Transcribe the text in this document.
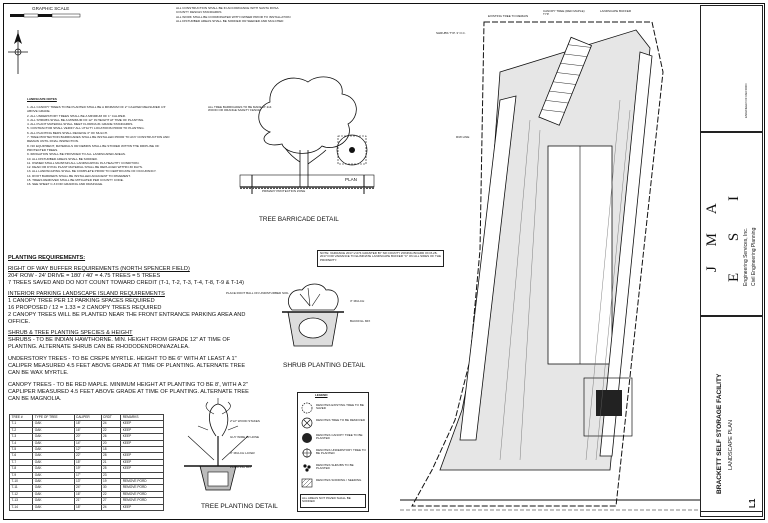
GRAPHIC SCALE
LANDSCAPE NOTES
1. ALL CANOPY TREES TO BE PLANTED SHALL BE A MINIMUM OF 2" CALIPER MEASURED 4.5' ABOVE GRADE.
2. ALL UNDERSTORY TREES SHALL BE A MINIMUM OF 1" CALIPER.
3. ALL SHRUBS SHALL BE A MINIMUM OF 12" IN HEIGHT AT TIME OF PLANTING.
4. ALL PLANT MATERIAL SHALL MEET FLORIDA #1 GRADE STANDARDS.
5. CONTRACTOR SHALL VERIFY ALL UTILITY LOCATIONS PRIOR TO PLANTING.
6. ALL PLANTING BEDS SHALL RECEIVE 3" OF MULCH.
7. TREE PROTECTION BARRICADES SHALL BE INSTALLED PRIOR TO ANY CONSTRUCTION AND REMAIN UNTIL FINAL INSPECTION.
8. NO EQUIPMENT, MATERIALS OR DEBRIS SHALL BE STORED WITHIN THE DRIPLINE OF PROTECTED TREES.
9. IRRIGATION SHALL BE PROVIDED TO ALL LANDSCAPED AREAS.
10. ALL DISTURBED AREAS SHALL BE SODDED.
11. OWNER SHALL MAINTAIN ALL LANDSCAPING IN A HEALTHY CONDITION.
12. DEAD OR DYING PLANT MATERIAL SHALL BE REPLACED WITHIN 30 DAYS.
13. ALL LANDSCAPING SHALL BE COMPLETE PRIOR TO CERTIFICATE OF OCCUPANCY.
14. ROOT BARRIERS SHALL BE INSTALLED ADJACENT TO PAVEMENT.
15. TREES REMOVED SHALL BE MITIGATED PER COUNTY CODE.
16. SEE SHEET C-3 FOR GRADING AND DRAINAGE.
ALL CONSTRUCTION SHALL BE IN ACCORDANCE WITH SANTA ROSA COUNTY DESIGN STANDARDS
ALL WORK SHALL BE COORDINATED WITH OWNER PRIOR TO INSTALLATION
ALL DISTURBED AREAS SHALL BE SODDED OR SEEDED AND MULCHED
PLAN
TREE BARRICADE DETAIL
ALL TREE BARRICADES TO BE MADE AT 2x4 WOOD OR ORANGE SAFETY FENCE
PRIMARY PROTECTION ZONE
NOTE: VARIANCE 2017-V-074 GRANTED BY SR COUNTY ZONING BOARD ON 8-28-2017 FOR VARIANCE TO ELIMINATE LANDSCAPE BUFFER "C" ON ALL SIDES OF THE PROPERTY.
PLANTING REQUIREMENTS:
RIGHT OF WAY BUFFER REQUIREMENTS (NORTH SPENCER FIELD)
204' ROW - 24' DRIVE = 180' / 40' = 4.75 TREES = 5 TREES
7 TREES SAVED AND DO NOT COUNT TOWARD CREDIT (T-1, T-2, T-3, T-4, T-8, T-9 & T-14)
INTERIOR PARKING LANDSCAPE ISLAND REQUIREMENTS
1 CANOPY TREE PER 12 PARKING SPACES REQUIRED
16 PROPOSED / 12 = 1.33 = 2 CANOPY TREES REQUIRED
2 CANOPY TREES WILL BE PLANTED NEAR THE FRONT ENTRANCE PARKING AREA AND
OFFICE.
SHRUB & TREE PLANTING SPECIES & HEIGHT
SHRUBS - TO BE INDIAN HAWTHORNE. MIN. HEIGHT FROM GRADE 12" AT TIME OF
PLANTING. ALTERNATE SHRUB CAN BE RHODODENDRON/AZALEA.
UNDERSTORY TREES - TO BE CREPE MYRTLE. HEIGHT TO BE 6" WITH AT LEAST A 1"
CALIPER MEASURED 4.5 FEET ABOVE GRADE AT TIME OF PLANTING. ALTERNATE TREE
CAN BE WAX MYRTLE.
CANOPY TREES - TO BE RED MAPLE. MINIMUM HEIGHT AT PLANTING TO BE 8', WITH A 2"
CAPLIPER MEASURED 4.5 FEET ABOVE GRADE AT TIME OF PLANTING. ALTERNATE TREE
CAN BE MAGNOLIA.
PLACE ROOT BALL ON UNDISTURBED SOIL
3" MULCH
BACKFILL MIX
SHRUB PLANTING DETAIL
TREE #	TYPE OF TREE	CALIPER	CRDT	REMARKS
T-1	OAK	18"	24	KEEP
T-2	OAK	16"	22	KEEP
T-3	OAK	20"	26	KEEP
T-4	OAK	14"	20	KEEP
T-5	OAK	12"	18	
T-6	OAK	22"	28	KEEP
T-7	OAK	15"	21	KEEP
T-8	OAK	19"	25	KEEP
T-9	OAK	17"	23	
T-10	OAK	13"	19	REMOVE PORD
T-11	OAK	24"	30	REMOVE PORD
T-12	OAK	16"	22	REMOVE PORD
T-13	OAK	21"	27	REMOVE PORD
T-14	OAK	18"	24	KEEP
2"x2" WOOD STAKES
GUY WIRE W/ HOSE
3" MULCH LAYER
PLANTING MIX
TREE PLANTING DETAIL
LEGEND
DENOTES EXISTING TREE TO BE SAVED
DENOTES TREE TO BE REMOVED
DENOTES CANOPY TREE TO BE PLANTED
DENOTES UNDERSTORY TREE TO BE PLANTED
DENOTES SHRUBS TO BE PLANTED
DENOTES SODDING / SEEDING
ALL AREAS NOT PAVED SHALL BE SODDED
EXISTING TREE TO REMAIN
CANOPY TREE (RED MAPLE) TYP.
LANDSCAPE BUFFER
SHRUBS TYP. 3' O.C.
R/W LINE
ENGINEER OF RECORD
J M A E S I Engineering Services, Inc. Civil Engineering Planning
BRACKETT SELF STORAGE FACILITY LANDSCAPE PLAN
L1
